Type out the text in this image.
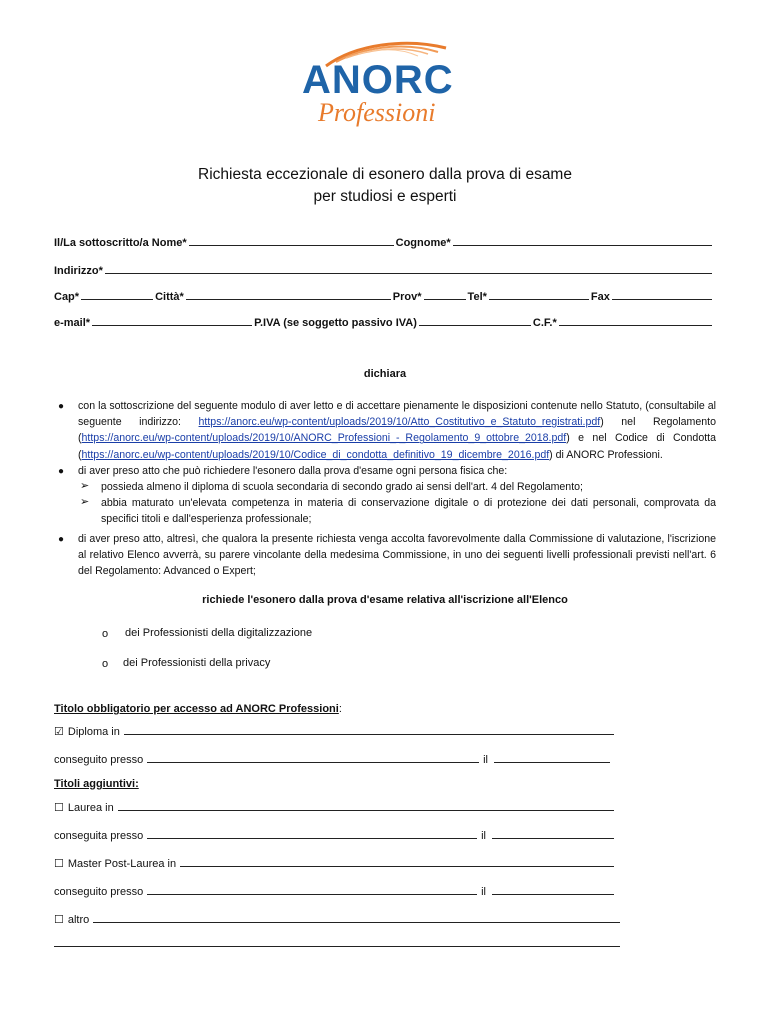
ANORC
Professioni
Richiesta eccezionale di esonero dalla prova di esame
per studiosi e esperti
Il/La sottoscritto/a Nome*	Cognome*
Indirizzo*
Cap*	Città*	Prov*	Tel*	Fax
e-mail*	P.IVA (se soggetto passivo IVA)	C.F.*
dichiara
● con la sottoscrizione del seguente modulo di aver letto e di accettare pienamente le disposizioni contenute nello Statuto, (consultabile al seguente indirizzo: https://anorc.eu/wp-content/uploads/2019/10/Atto_Costitutivo_e_Statuto_registrati.pdf) nel Regolamento (https://anorc.eu/wp-content/uploads/2019/10/ANORC_Professioni_-_Regolamento_9_ottobre_2018.pdf) e nel Codice di Condotta (https://anorc.eu/wp-content/uploads/2019/10/Codice_di_condotta_definitivo_19_dicembre_2016.pdf) di ANORC Professioni.
● di aver preso atto che può richiedere l'esonero dalla prova d'esame ogni persona fisica che:
➢ possieda almeno il diploma di scuola secondaria di secondo grado ai sensi dell'art. 4 del Regolamento;
➢ abbia maturato un'elevata competenza in materia di conservazione digitale o di protezione dei dati personali, comprovata da specifici titoli e dall'esperienza professionale;
● di aver preso atto, altresì, che qualora la presente richiesta venga accolta favorevolmente dalla Commissione di valutazione, l'iscrizione al relativo Elenco avverrà, su parere vincolante della medesima Commissione, in uno dei seguenti livelli professionali previsti nell'art. 6 del Regolamento: Advanced o Expert;
richiede l'esonero dalla prova d'esame relativa all'iscrizione all'Elenco
o dei Professionisti della digitalizzazione
o dei Professionisti della privacy
Titolo obbligatorio per accesso ad ANORC Professioni:
☑ Diploma in
conseguito presso	il
Titoli aggiuntivi:
☐ Laurea in
conseguita presso	il
☐ Master Post-Laurea in
conseguito presso	il
☐ altro
